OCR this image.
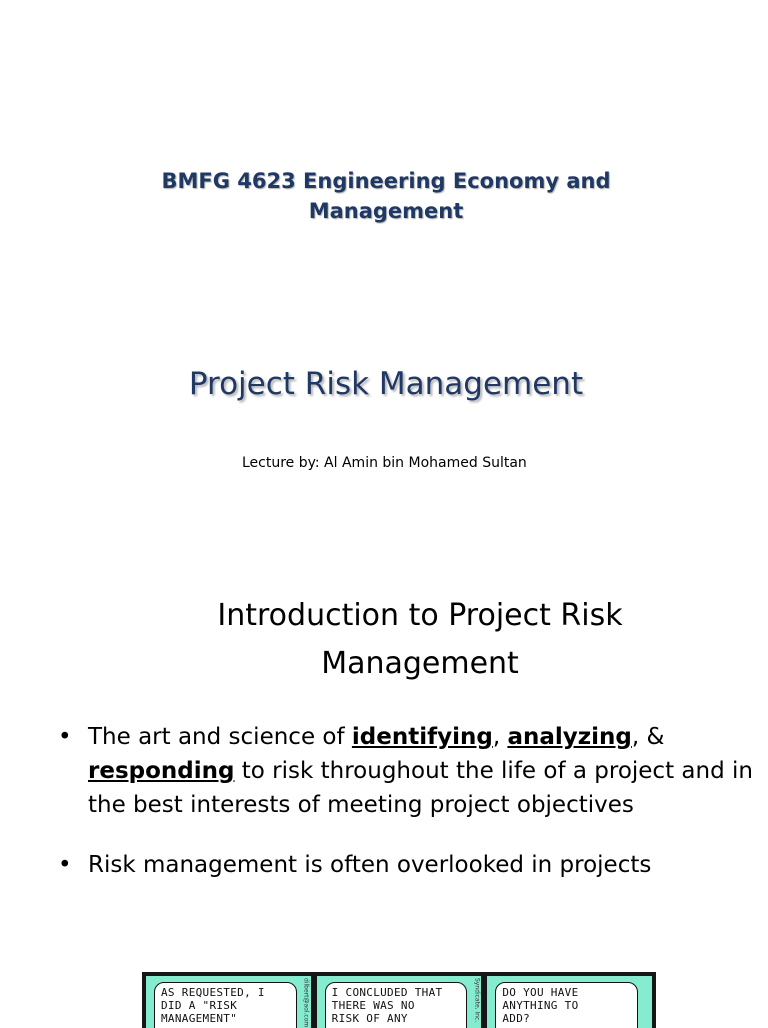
BMFG 4623 Engineering Economy and
Management
Project Risk Management
Lecture by: Al Amin bin Mohamed Sultan
Introduction to Project Risk
Management
• The art and science of identifying, analyzing, & responding to risk throughout the life of a project and in the best interests of meeting project objectives
• Risk management is often overlooked in projects
AS REQUESTED, I
DID A "RISK
MANAGEMENT"	dilbert@aol.com I CONCLUDED THAT
THERE WAS NO
RISK OF ANY	Syndicate, Inc. DO YOU HAVE
ANYTHING TO
ADD?
